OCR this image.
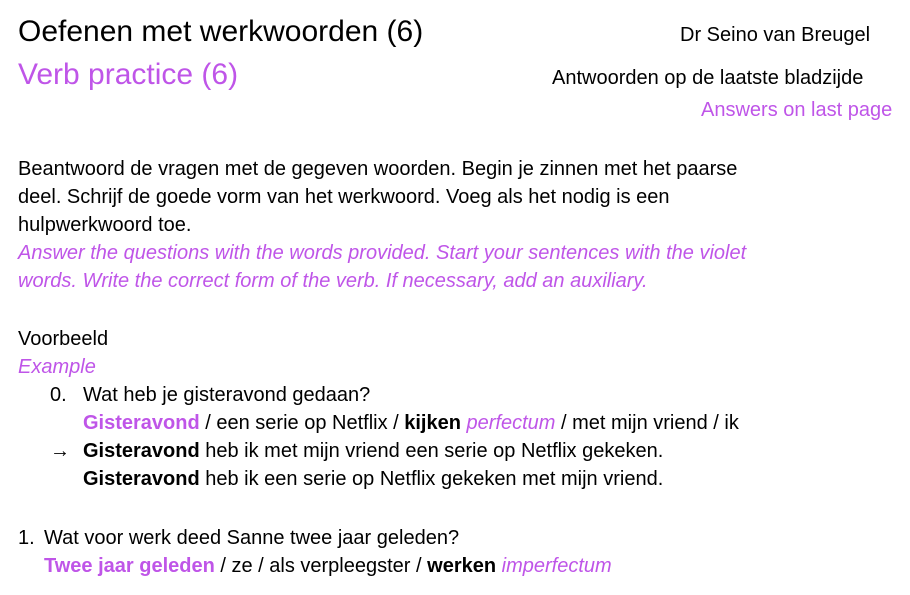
Oefenen met werkwoorden (6)
Verb practice (6)
Dr Seino van Breugel
Antwoorden op de laatste bladzijde
Answers on last page
Beantwoord de vragen met de gegeven woorden. Begin je zinnen met het paarse
deel. Schrijf de goede vorm van het werkwoord. Voeg als het nodig is een
hulpwerkwoord toe.
Answer the questions with the words provided. Start your sentences with the violet
words. Write the correct form of the verb. If necessary, add an auxiliary.
Voorbeeld
Example
0. Wat heb je gisteravond gedaan?
Gisteravond / een serie op Netflix / kijken perfectum / met mijn vriend / ik
→ Gisteravond heb ik met mijn vriend een serie op Netflix gekeken.
Gisteravond heb ik een serie op Netflix gekeken met mijn vriend.
1. Wat voor werk deed Sanne twee jaar geleden?
Twee jaar geleden / ze / als verpleegster / werken imperfectum
